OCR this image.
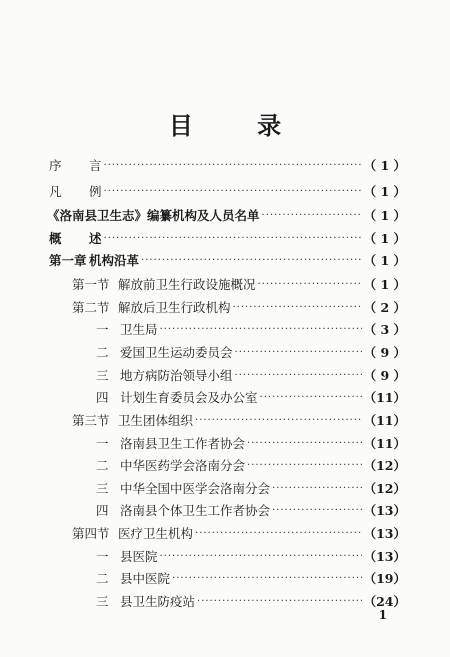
目 录
序	言 ·····	（ 1 ）
凡	例 ·····	（ 1 ）
《洛南县卫生志》编纂机构及人员名单 ·····	（ 1 ）
概	述 ·····	（ 1 ）
第一章 机构沿革 ·····	（ 1 ）
第一节 解放前卫生行政设施概况 ·····	（ 1 ）
第二节 解放后卫生行政机构 ·····	（ 2 ）
一 卫生局 ·····	（ 3 ）
二 爱国卫生运动委员会 ·····	（ 9 ）
三 地方病防治领导小组 ·····	（ 9 ）
四 计划生育委员会及办公室 ·····	（11）
第三节 卫生团体组织 ·····	（11）
一 洛南县卫生工作者协会 ·····	（11）
二 中华医药学会洛南分会 ·····	（12）
三 中华全国中医学会洛南分会 ·····	（12）
四 洛南县个体卫生工作者协会 ·····	（13）
第四节 医疗卫生机构 ·····	（13）
一 县医院 ·····	（13）
二 县中医院 ·····	（19）
三 县卫生防疫站 ·····	（24）
1
